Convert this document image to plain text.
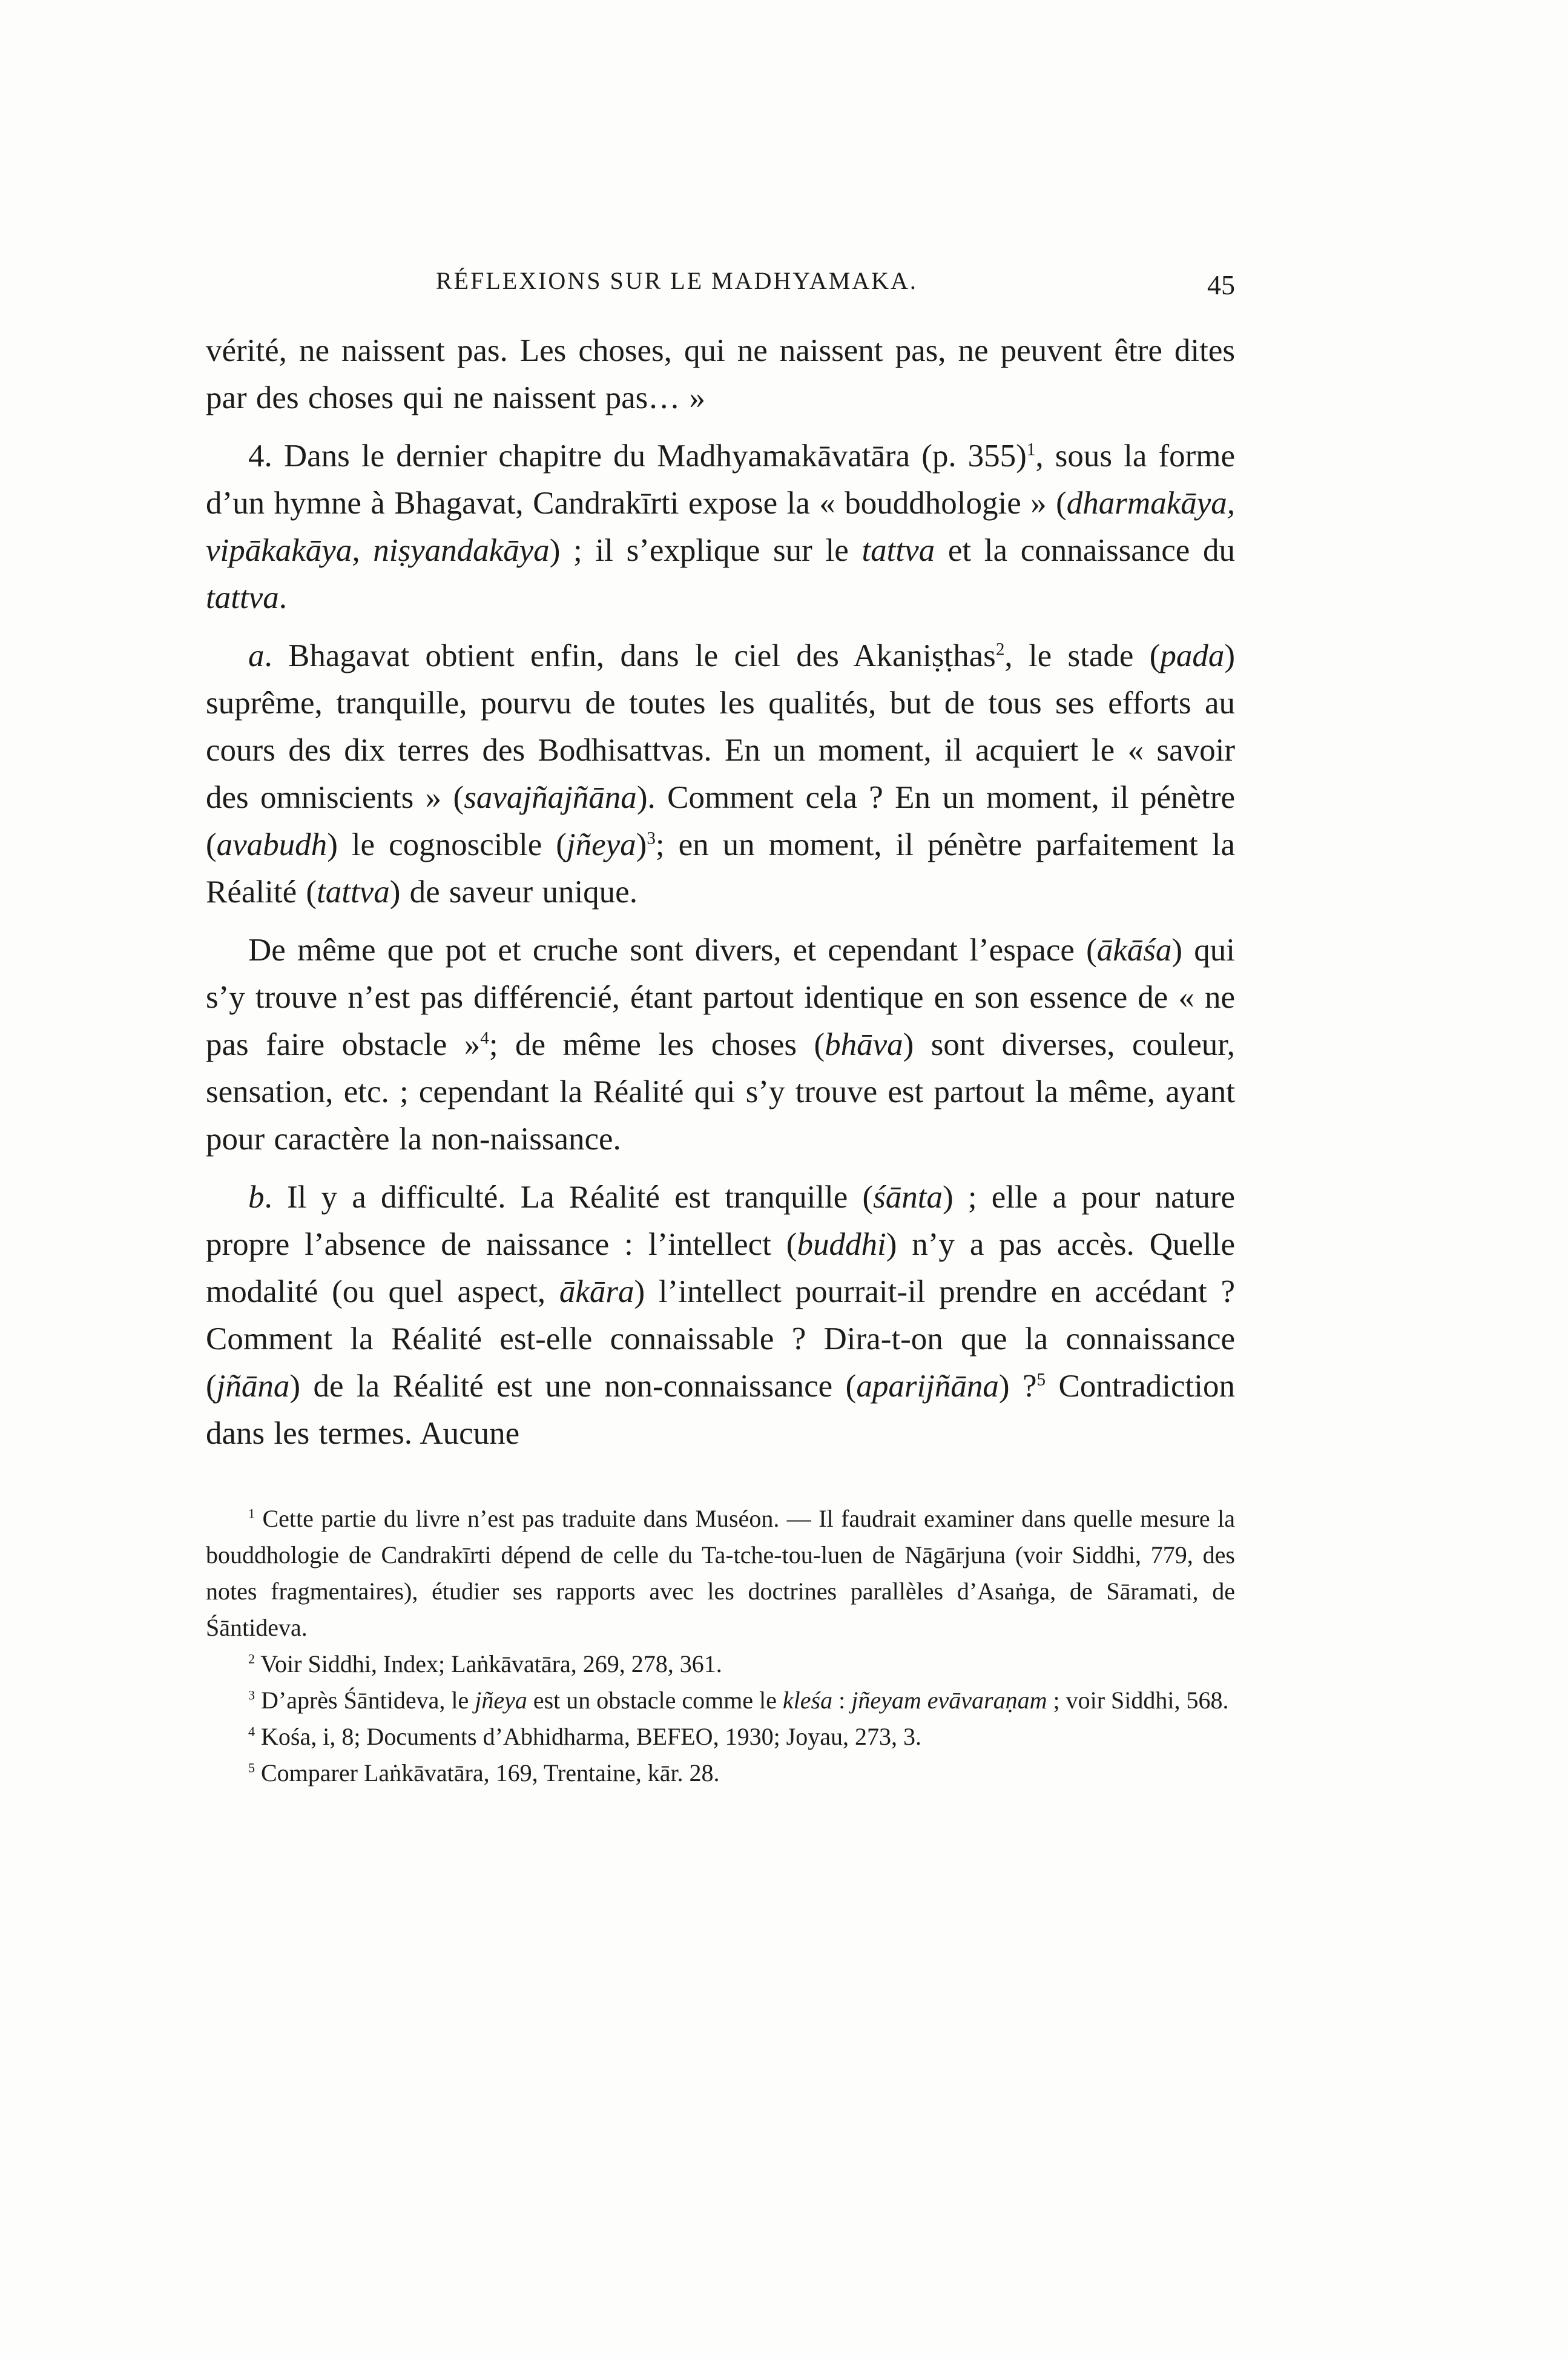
RÉFLEXIONS SUR LE MADHYAMAKA.	45

vérité, ne naissent pas. Les choses, qui ne naissent pas, ne peuvent être dites par des choses qui ne naissent pas… »

4. Dans le dernier chapitre du Madhyamakāvatāra (p. 355)$^1$, sous la forme d’un hymne à Bhagavat, Candrakīrti expose la « bouddhologie » (dharmakāya, vipākakāya, niṣyandakāya) ; il s’explique sur le tattva et la connaissance du tattva.

a. Bhagavat obtient enfin, dans le ciel des Akaniṣṭhas$^2$, le stade (pada) suprême, tranquille, pourvu de toutes les qualités, but de tous ses efforts au cours des dix terres des Bodhisattvas. En un moment, il acquiert le « savoir des omniscients » (savajñajñāna). Comment cela ? En un moment, il pénètre (avabudh) le cognoscible (jñeya)$^3$; en un moment, il pénètre parfaitement la Réalité (tattva) de saveur unique.

De même que pot et cruche sont divers, et cependant l’espace (ākāśa) qui s’y trouve n’est pas différencié, étant partout identique en son essence de « ne pas faire obstacle »$^4$; de même les choses (bhāva) sont diverses, couleur, sensation, etc. ; cependant la Réalité qui s’y trouve est partout la même, ayant pour caractère la non-naissance.

b. Il y a difficulté. La Réalité est tranquille (śānta) ; elle a pour nature propre l’absence de naissance : l’intellect (buddhi) n’y a pas accès. Quelle modalité (ou quel aspect, ākāra) l’intellect pourrait-il prendre en accédant ? Comment la Réalité est-elle connaissable ? Dira-t-on que la connaissance (jñāna) de la Réalité est une non-connaissance (aparijñāna) ?$^5$ Contradiction dans les termes. Aucune

$^1$ Cette partie du livre n’est pas traduite dans Muséon. — Il faudrait examiner dans quelle mesure la bouddhologie de Candrakīrti dépend de celle du Ta-tche-tou-luen de Nāgārjuna (voir Siddhi, 779, des notes fragmentaires), étudier ses rapports avec les doctrines parallèles d’Asaṅga, de Sāramati, de Śāntideva.

$^2$ Voir Siddhi, Index; Laṅkāvatāra, 269, 278, 361.

$^3$ D’après Śāntideva, le jñeya est un obstacle comme le kleśa : jñeyam evāvaraṇam ; voir Siddhi, 568.

$^4$ Kośa, i, 8; Documents d’Abhidharma, BEFEO, 1930; Joyau, 273, 3.

$^5$ Comparer Laṅkāvatāra, 169, Trentaine, kār. 28.
